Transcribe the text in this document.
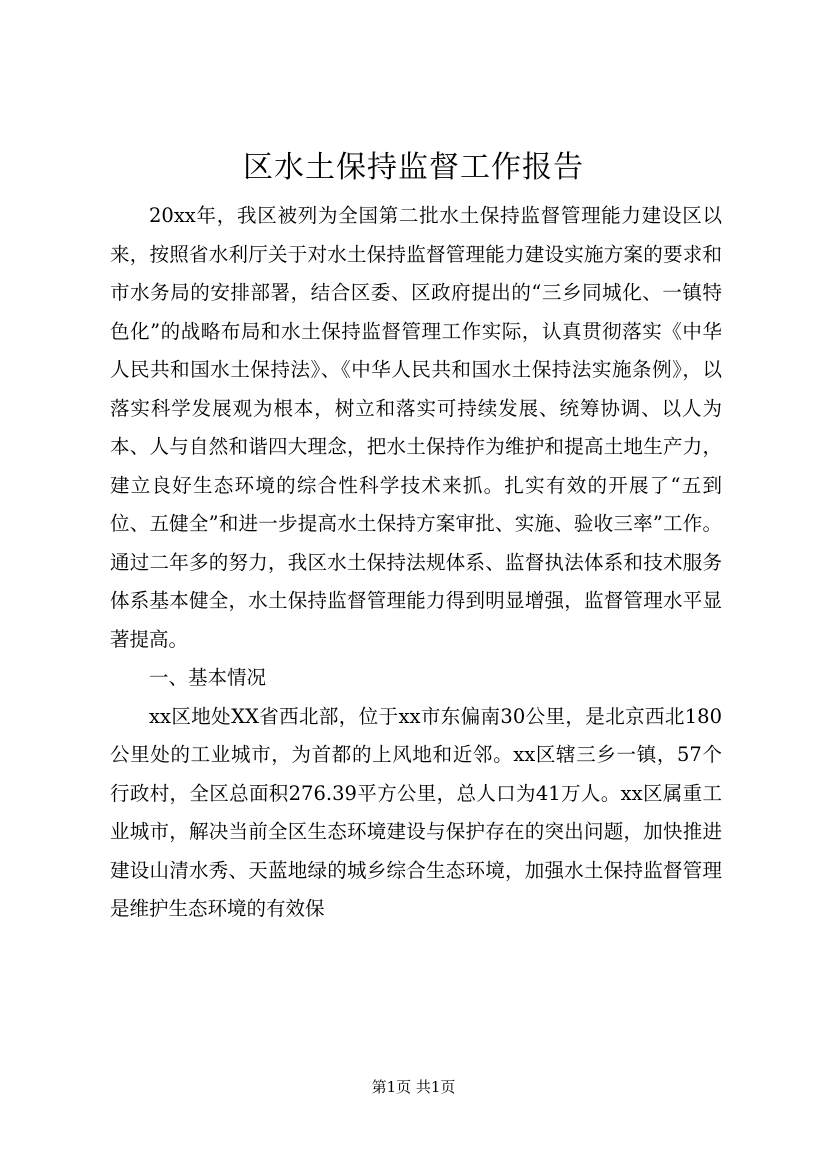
区水土保持监督工作报告

20xx年，我区被列为全国第二批水土保持监督管理能力建设区以来，按照省水利厅关于对水土保持监督管理能力建设实施方案的要求和市水务局的安排部署，结合区委、区政府提出的“三乡同城化、一镇特色化”的战略布局和水土保持监督管理工作实际，认真贯彻落实《中华人民共和国水土保持法》、《中华人民共和国水土保持法实施条例》，以落实科学发展观为根本，树立和落实可持续发展、统筹协调、以人为本、人与自然和谐四大理念，把水土保持作为维护和提高土地生产力，建立良好生态环境的综合性科学技术来抓。扎实有效的开展了“五到位、五健全”和进一步提高水土保持方案审批、实施、验收三率”工作。通过二年多的努力，我区水土保持法规体系、监督执法体系和技术服务体系基本健全，水土保持监督管理能力得到明显增强，监督管理水平显著提高。

一、基本情况

xx区地处XX省西北部，位于xx市东偏南30公里，是北京西北180公里处的工业城市，为首都的上风地和近邻。xx区辖三乡一镇，57个行政村，全区总面积276.39平方公里，总人口为41万人。xx区属重工业城市，解决当前全区生态环境建设与保护存在的突出问题，加快推进建设山清水秀、天蓝地绿的城乡综合生态环境，加强水土保持监督管理是维护生态环境的有效保

第1页 共1页
